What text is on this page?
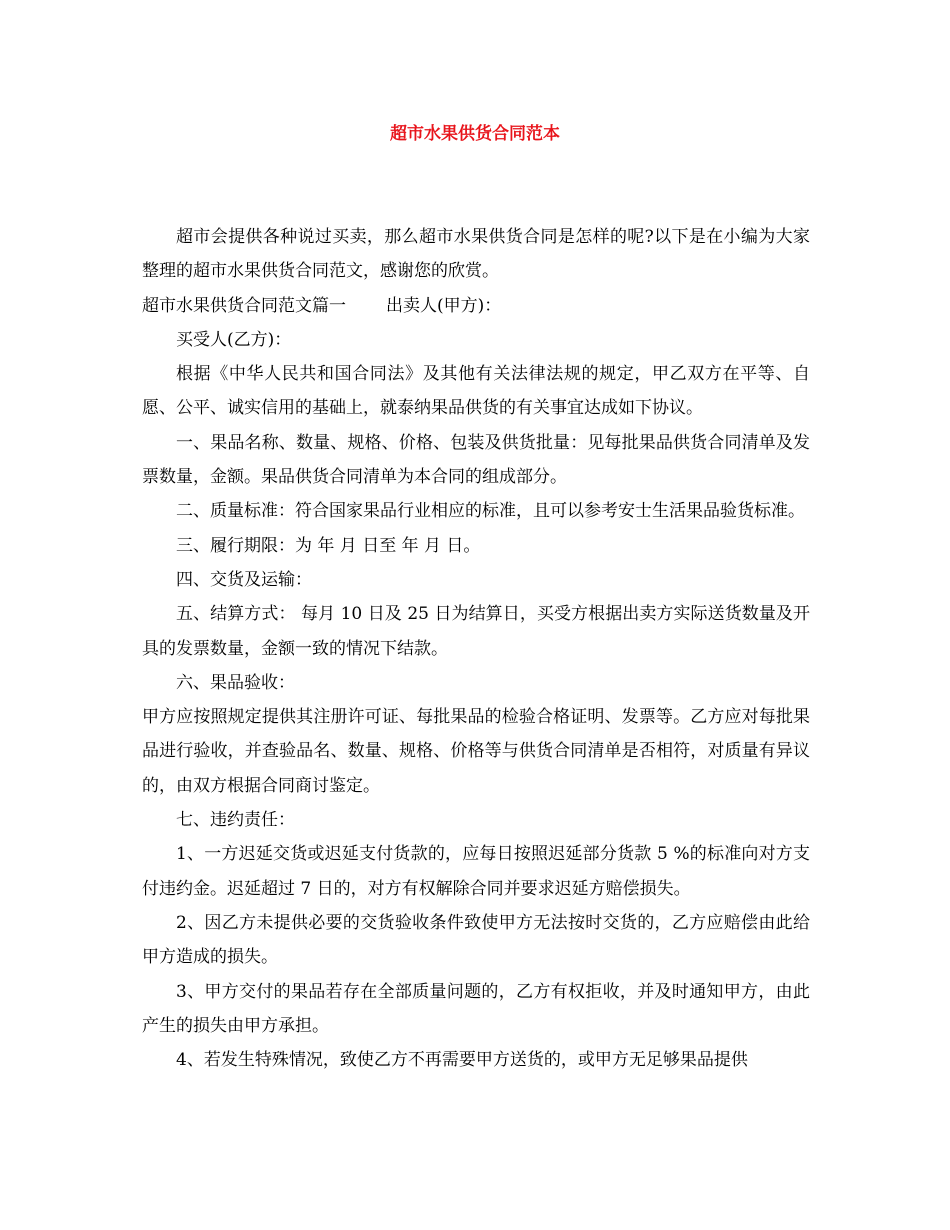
超市水果供货合同范本

超市会提供各种说过买卖，那么超市水果供货合同是怎样的呢?以下是在小编为大家整理的超市水果供货合同范文，感谢您的欣赏。

超市水果供货合同范文篇一 出卖人(甲方)：

买受人(乙方)：

根据《中华人民共和国合同法》及其他有关法律法规的规定，甲乙双方在平等、自愿、公平、诚实信用的基础上，就泰纳果品供货的有关事宜达成如下协议。

一、果品名称、数量、规格、价格、包装及供货批量：见每批果品供货合同清单及发票数量，金额。果品供货合同清单为本合同的组成部分。

二、质量标准：符合国家果品行业相应的标准，且可以参考安士生活果品验货标准。

三、履行期限：为 年 月 日至 年 月 日。

四、交货及运输：

五、结算方式： 每月 10 日及 25 日为结算日，买受方根据出卖方实际送货数量及开具的发票数量，金额一致的情况下结款。

六、果品验收：

甲方应按照规定提供其注册许可证、每批果品的检验合格证明、发票等。乙方应对每批果品进行验收，并查验品名、数量、规格、价格等与供货合同清单是否相符，对质量有异议的，由双方根据合同商讨鉴定。

七、违约责任：

1、一方迟延交货或迟延支付货款的，应每日按照迟延部分货款 5 %的标准向对方支付违约金。迟延超过 7 日的，对方有权解除合同并要求迟延方赔偿损失。

2、因乙方未提供必要的交货验收条件致使甲方无法按时交货的，乙方应赔偿由此给甲方造成的损失。

3、甲方交付的果品若存在全部质量问题的，乙方有权拒收，并及时通知甲方，由此产生的损失由甲方承担。

4、若发生特殊情况，致使乙方不再需要甲方送货的，或甲方无足够果品提供
